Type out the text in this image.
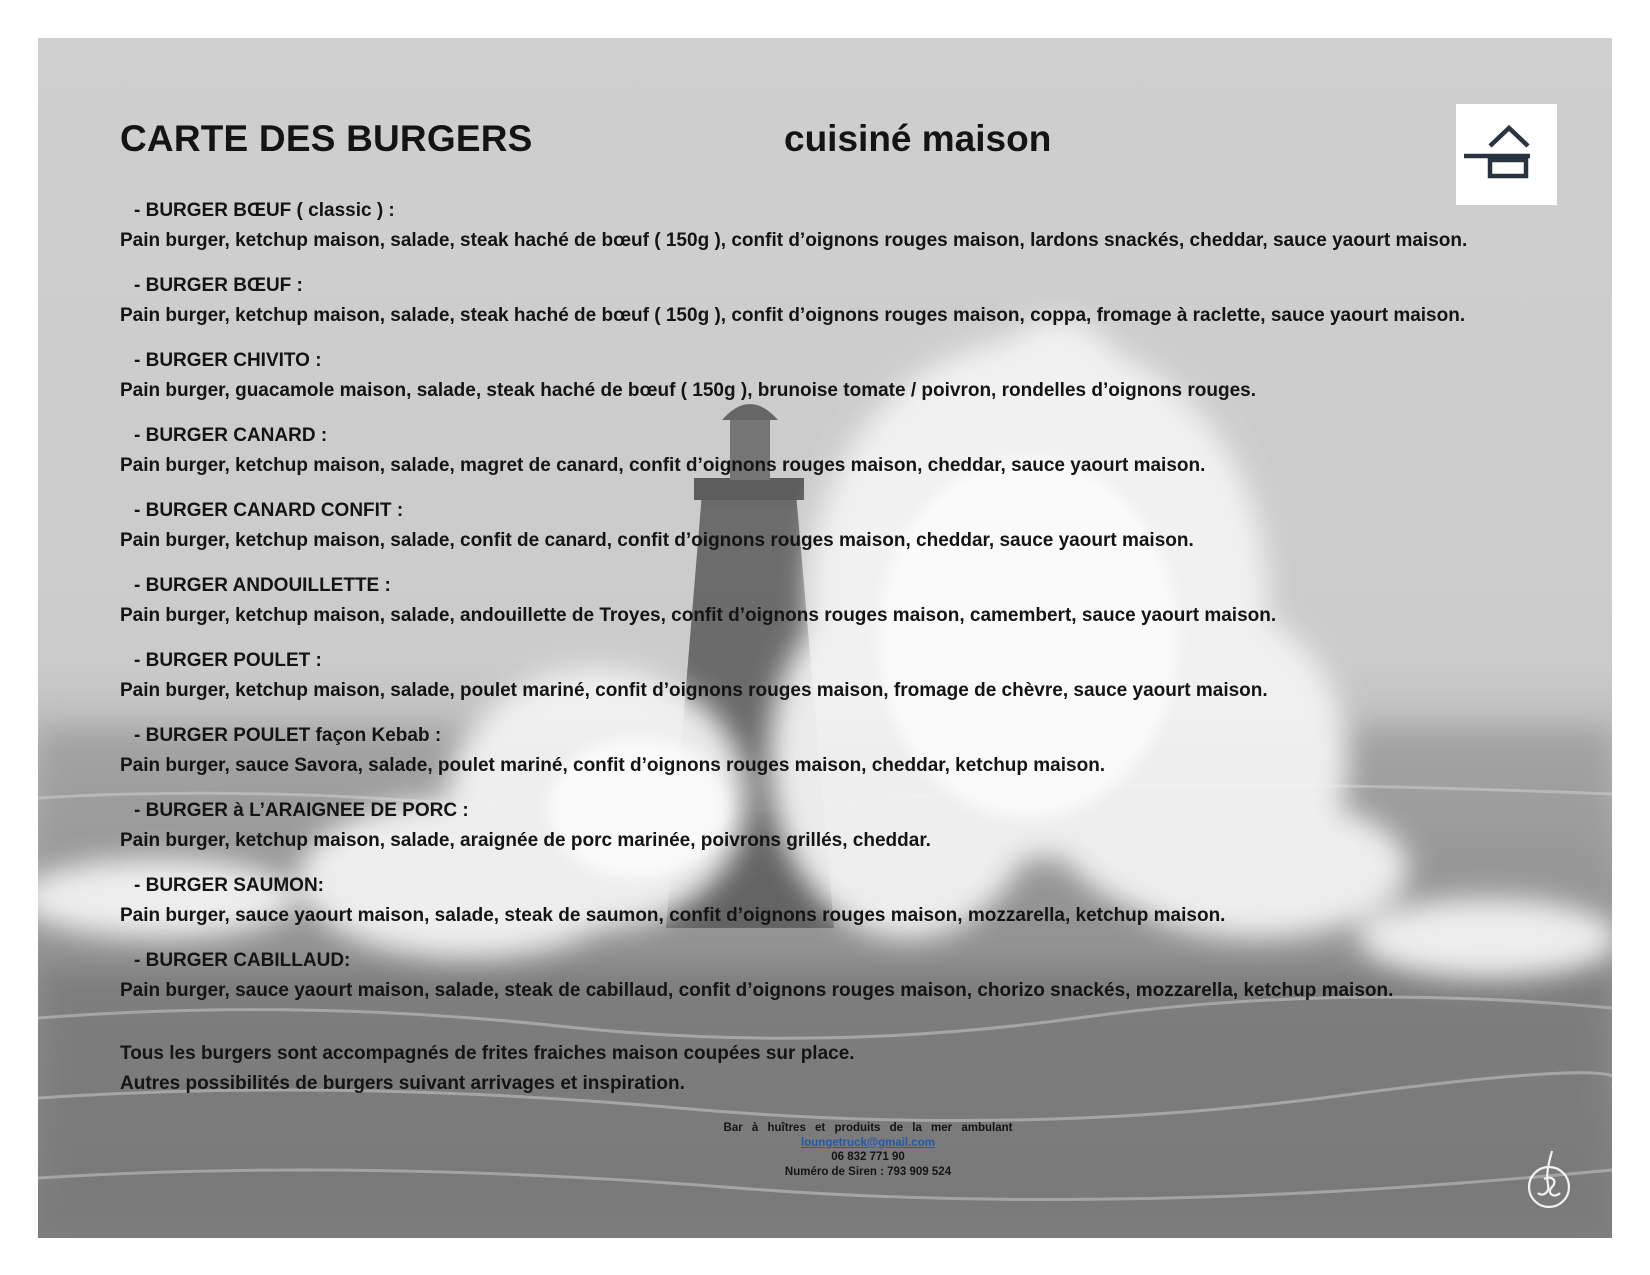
CARTE DES BURGERS	cuisiné maison

- BURGER BŒUF ( classic ) :

Pain burger, ketchup maison, salade, steak haché de bœuf ( 150g ), confit d’oignons rouges maison, lardons snackés, cheddar, sauce yaourt maison.

- BURGER BŒUF :

Pain burger, ketchup maison, salade, steak haché de bœuf ( 150g ), confit d’oignons rouges maison, coppa, fromage à raclette, sauce yaourt maison.

- BURGER CHIVITO :

Pain burger, guacamole maison, salade, steak haché de bœuf ( 150g ), brunoise tomate / poivron, rondelles d’oignons rouges.

- BURGER CANARD :

Pain burger, ketchup maison, salade, magret de canard, confit d’oignons rouges maison, cheddar, sauce yaourt maison.

- BURGER CANARD CONFIT :

Pain burger, ketchup maison, salade, confit de canard, confit d’oignons rouges maison, cheddar, sauce yaourt maison.

- BURGER ANDOUILLETTE :

Pain burger, ketchup maison, salade, andouillette de Troyes, confit d’oignons rouges maison, camembert, sauce yaourt maison.

- BURGER POULET :

Pain burger, ketchup maison, salade, poulet mariné, confit d’oignons rouges maison, fromage de chèvre, sauce yaourt maison.

- BURGER POULET façon Kebab :

Pain burger, sauce Savora, salade, poulet mariné, confit d’oignons rouges maison, cheddar, ketchup maison.

- BURGER à L’ARAIGNEE DE PORC :

Pain burger, ketchup maison, salade, araignée de porc marinée, poivrons grillés, cheddar.

- BURGER SAUMON:

Pain burger, sauce yaourt maison, salade, steak de saumon, confit d’oignons rouges maison, mozzarella, ketchup maison.

- BURGER CABILLAUD:

Pain burger, sauce yaourt maison, salade, steak de cabillaud, confit d’oignons rouges maison, chorizo snackés, mozzarella, ketchup maison.

Tous les burgers sont accompagnés de frites fraiches maison coupées sur place.
Autres possibilités de burgers suivant arrivages et inspiration.
Bar à huîtres et produits de la mer ambulant
loungetruck@gmail.com
06 832 771 90
Numéro de Siren : 793 909 524
